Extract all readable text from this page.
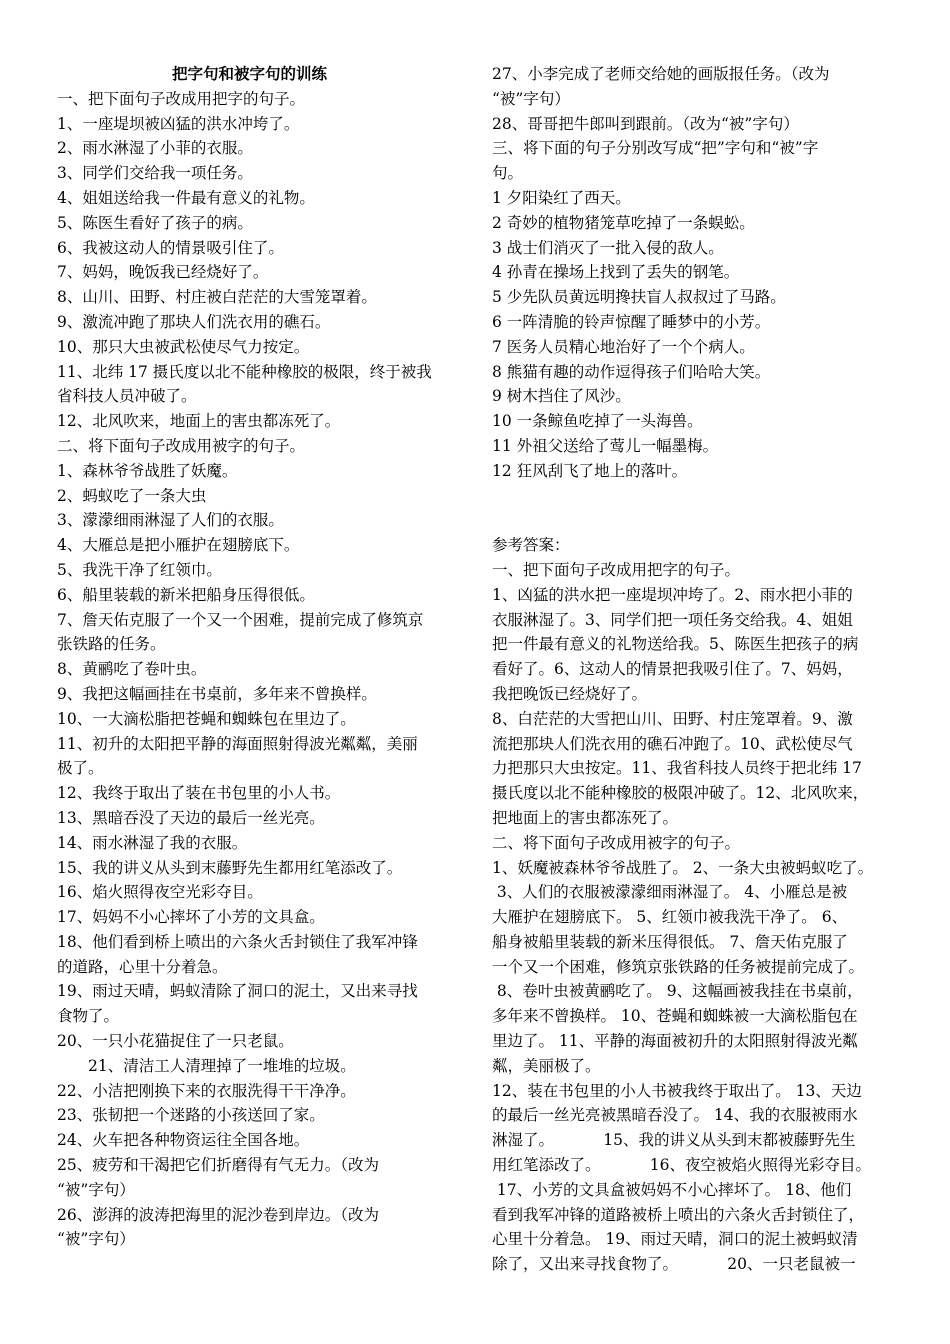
把字句和被字句的训练
一、把下面句子改成用把字的句子。
1、一座堤坝被凶猛的洪水冲垮了。
2、雨水淋湿了小菲的衣服。
3、同学们交给我一项任务。
4、姐姐送给我一件最有意义的礼物。
5、陈医生看好了孩子的病。
6、我被这动人的情景吸引住了。
7、妈妈，晚饭我已经烧好了。
8、山川、田野、村庄被白茫茫的大雪笼罩着。
9、激流冲跑了那块人们洗衣用的礁石。
10、那只大虫被武松使尽气力按定。
11、北纬 17 摄氏度以北不能种橡胶的极限，终于被我
省科技人员冲破了。
12、北风吹来，地面上的害虫都冻死了。
二、将下面句子改成用被字的句子。
1、森林爷爷战胜了妖魔。
2、蚂蚁吃了一条大虫
3、濛濛细雨淋湿了人们的衣服。
4、大雁总是把小雁护在翅膀底下。
5、我洗干净了红领巾。
6、船里装载的新米把船身压得很低。
7、詹天佑克服了一个又一个困难，提前完成了修筑京
张铁路的任务。
8、黄鹂吃了卷叶虫。
9、我把这幅画挂在书桌前，多年来不曾换样。
10、一大滴松脂把苍蝇和蜘蛛包在里边了。
11、初升的太阳把平静的海面照射得波光粼粼，美丽
极了。
12、我终于取出了装在书包里的小人书。
13、黑暗吞没了天边的最后一丝光亮。
14、雨水淋湿了我的衣服。
15、我的讲义从头到末藤野先生都用红笔添改了。
16、焰火照得夜空光彩夺目。
17、妈妈不小心摔坏了小芳的文具盒。
18、他们看到桥上喷出的六条火舌封锁住了我军冲锋
的道路，心里十分着急。
19、雨过天晴，蚂蚁清除了洞口的泥土，又出来寻找
食物了。
20、一只小花猫捉住了一只老鼠。
21、清洁工人清理掉了一堆堆的垃圾。
22、小洁把刚换下来的衣服洗得干干净净。
23、张韧把一个迷路的小孩送回了家。
24、火车把各种物资运往全国各地。
25、疲劳和干渴把它们折磨得有气无力。（改为
“被”字句）
26、澎湃的波涛把海里的泥沙卷到岸边。（改为
“被”字句）
27、小李完成了老师交给她的画版报任务。（改为
“被”字句）
28、哥哥把牛郎叫到跟前。（改为“被”字句）
三、将下面的句子分别改写成“把”字句和“被”字
句。
1 夕阳染红了西天。
2 奇妙的植物猪笼草吃掉了一条蜈蚣。
3 战士们消灭了一批入侵的敌人。
4 孙青在操场上找到了丢失的钢笔。
5 少先队员黄远明搀扶盲人叔叔过了马路。
6 一阵清脆的铃声惊醒了睡梦中的小芳。
7 医务人员精心地治好了一个个病人。
8 熊猫有趣的动作逗得孩子们哈哈大笑。
9 树木挡住了风沙。
10 一条鲸鱼吃掉了一头海兽。
11 外祖父送给了莺儿一幅墨梅。
12 狂风刮飞了地上的落叶。
参考答案：
一、把下面句子改成用把字的句子。
1、凶猛的洪水把一座堤坝冲垮了。2、雨水把小菲的
衣服淋湿了。3、同学们把一项任务交给我。4、姐姐
把一件最有意义的礼物送给我。5、陈医生把孩子的病
看好了。6、这动人的情景把我吸引住了。7、妈妈，
我把晚饭已经烧好了。
8、白茫茫的大雪把山川、田野、村庄笼罩着。9、激
流把那块人们洗衣用的礁石冲跑了。10、武松使尽气
力把那只大虫按定。11、我省科技人员终于把北纬 17
摄氏度以北不能种橡胶的极限冲破了。12、北风吹来，
把地面上的害虫都冻死了。
二、将下面句子改成用被字的句子。
1、妖魔被森林爷爷战胜了。 2、一条大虫被蚂蚁吃了。
3、人们的衣服被濛濛细雨淋湿了。 4、小雁总是被
大雁护在翅膀底下。 5、红领巾被我洗干净了。 6、
船身被船里装载的新米压得很低。 7、詹天佑克服了
一个又一个困难，修筑京张铁路的任务被提前完成了。
8、卷叶虫被黄鹂吃了。 9、这幅画被我挂在书桌前，
多年来不曾换样。 10、苍蝇和蜘蛛被一大滴松脂包在
里边了。 11、平静的海面被初升的太阳照射得波光粼
粼，美丽极了。
12、装在书包里的小人书被我终于取出了。 13、天边
的最后一丝光亮被黑暗吞没了。 14、我的衣服被雨水
淋湿了。          15、我的讲义从头到末都被藤野先生
用红笔添改了。          16、夜空被焰火照得光彩夺目。
17、小芳的文具盒被妈妈不小心摔坏了。 18、他们
看到我军冲锋的道路被桥上喷出的六条火舌封锁住了，
心里十分着急。 19、雨过天晴，洞口的泥土被蚂蚁清
除了，又出来寻找食物了。          20、一只老鼠被一
